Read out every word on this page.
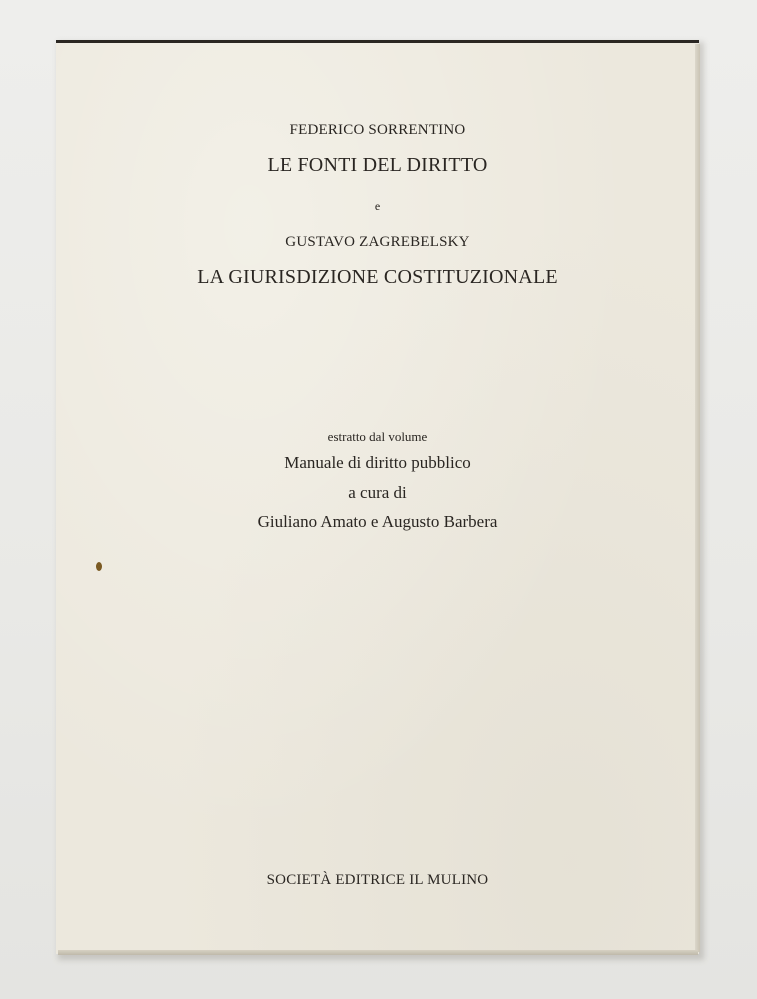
FEDERICO SORRENTINO
LE FONTI DEL DIRITTO
e
GUSTAVO ZAGREBELSKY
LA GIURISDIZIONE COSTITUZIONALE
estratto dal volume
Manuale di diritto pubblico
a cura di
Giuliano Amato e Augusto Barbera
SOCIETÀ EDITRICE IL MULINO
